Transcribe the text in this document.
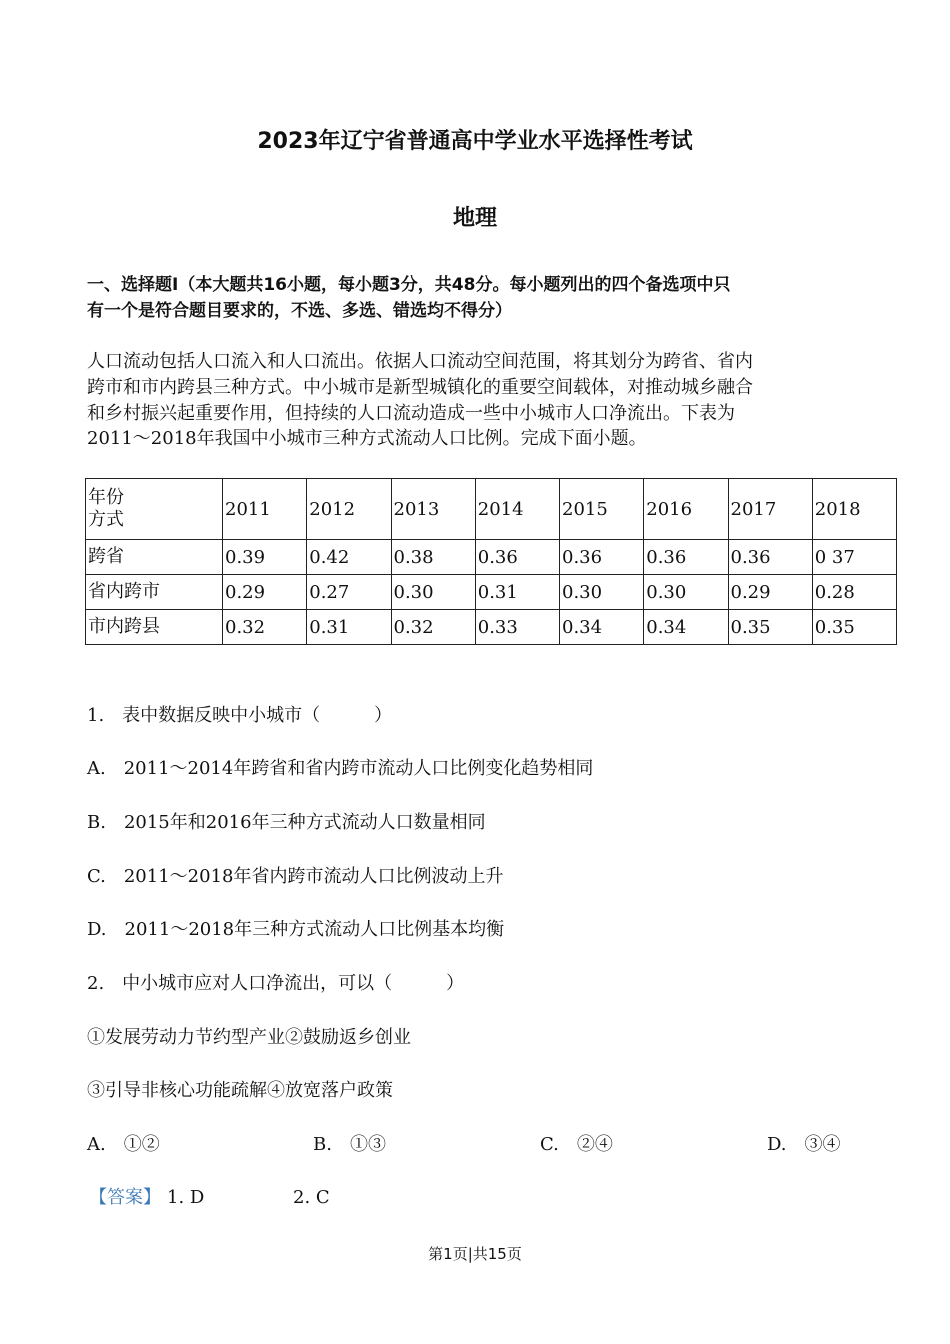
2023年辽宁省普通高中学业水平选择性考试
地理
一、选择题Ⅰ（本大题共16小题，每小题3分，共48分。每小题列出的四个备选项中只
有一个是符合题目要求的，不选、多选、错选均不得分）
人口流动包括人口流入和人口流出。依据人口流动空间范围，将其划分为跨省、省内
跨市和市内跨县三种方式。中小城市是新型城镇化的重要空间载体，对推动城乡融合
和乡村振兴起重要作用，但持续的人口流动造成一些中小城市人口净流出。下表为
2011～2018年我国中小城市三种方式流动人口比例。完成下面小题。
年份
方式	2011	2012	2013	2014	2015	2016	2017	2018
跨省	0.39	0.42	0.38	0.36	0.36	0.36	0.36	0 37
省内跨市	0.29	0.27	0.30	0.31	0.30	0.30	0.29	0.28
市内跨县	0.32	0.31	0.32	0.33	0.34	0.34	0.35	0.35
1.　表中数据反映中小城市（　　　）
A.　2011～2014年跨省和省内跨市流动人口比例变化趋势相同
B.　2015年和2016年三种方式流动人口数量相同
C.　2011～2018年省内跨市流动人口比例波动上升
D.　2011～2018年三种方式流动人口比例基本均衡
2.　中小城市应对人口净流出，可以（　　　）
①发展劳动力节约型产业②鼓励返乡创业
③引导非核心功能疏解④放宽落户政策
A.　①②	B.　①③	C.　②④	D.　③④
【答案】 1. D	2. C
第1页|共15页
